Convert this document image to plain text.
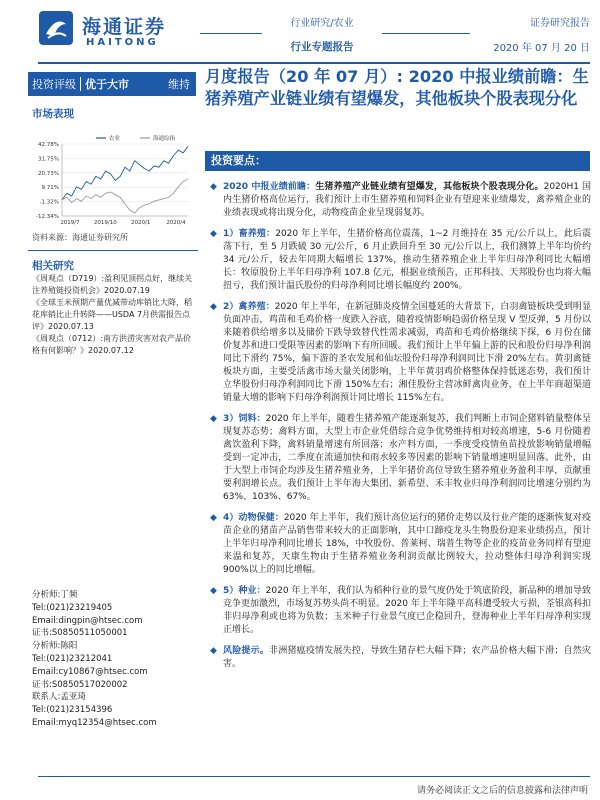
海通证券
HAITONG
行业研究/农业
行业专题报告
证券研究报告
2020 年 07 月 20 日
投资评级 优于大市	维持
市场表现
42.78%
31.75%
20.73%
9.71%
-1.32%
-12.34%
2019/7	2019/10	2020/1	2020/4
农业	海通综指
资料来源：海通证券研究所
相关研究
《周观点（D719）:盈利见顶拐点好，继续关注养殖链投资机会》2020.07.19
《全球玉米预期产量优减带动库销比大降，稻花库销比止升转降——USDA 7月供需报告点评》2020.07.13
《周观点（0712）:南方洪涝灾害对农产品价格有何影响？》2020.07.12
分析师:丁频
Tel:(021)23219405
Email:dingpin@htsec.com
证书:S0850511050001
分析师:陈阳
Tel:(021)23212041
Email:cy10867@htsec.com
证书:S0850517020002
联系人:孟亚琦
Tel:(021)23154396
Email:myq12354@htsec.com
月度报告（20 年 07 月）: 2020 中报业绩前瞻：生猪养殖产业链业绩有望爆发，其他板块个股表现分化
投资要点：
◆ 2020 中报业绩前瞻：生猪养殖产业链业绩有望爆发，其他板块个股表现分化。2020H1 国内生猪价格高位运行，我们预计上市生猪养殖和饲料企业有望迎来业绩爆发，禽养殖企业的业绩表现或将出现分化，动物疫苗企业呈现弱复苏。
◆ 1）畜养殖：2020 年上半年，生猪价格高位震荡，1~2 月维持在 35 元/公斤以上，此后震荡下行，至 5 月跌破 30 元/公斤，6 月止跌回升至 30 元/公斤以上，我们测算上半年均价约 34 元/公斤，较去年同期大幅增长 137%，推动生猪养殖企业上半年归母净利同比大幅增长：牧原股份上半年归母净利 107.8 亿元，根据业绩预告，正邦科技、天邦股份也均将大幅扭亏，我们预计温氏股份的归母净利同比增长幅度约 200%。
◆ 2）禽养殖：2020 年上半年，在新冠肺炎疫情全国蔓延的大背景下，白羽禽链板块受到明显负面冲击，鸡苗和毛鸡价格一度跌入谷底，随着疫情影响趋弱价格呈现 V 型反弹，5 月份以来随着供给增多以及储价下跌导致替代性需求减弱，鸡苗和毛鸡价格继续下探，6 月份在储价复苏和进口受限等因素的影响下有所回暖。我们预计上半年偏上游的民和股份归母净利润同比下滑约 75%，偏下游的圣农发展和仙坛股份归母净利润同比下滑 20%左右。黄羽禽链板块方面，主要受活禽市场大量关闭影响，上半年黄羽鸡价格整体保持低迷态势，我们预计立华股份归母净利润同比下滑 150%左右；湘佳股份主营冰鲜禽肉业务，在上半年商超渠道销量大增的影响下归母净利润预计同比增长 115%左右。
◆ 3）饲料：2020 年上半年，随着生猪养殖产能逐渐复苏，我们判断上市饲企猪料销量整体呈现复苏态势；禽料方面，大型上市企业凭借综合竞争优势维持相对较高增速，5-6 月份随着禽饮盈利下降，禽料销量增速有所回落；水产料方面，一季度受疫情鱼苗投放影响销量增幅受到一定冲击，二季度在流通加快和雨水较多等因素的影响下销量增速明显回落。此外，由于大型上市饲企均涉及生猪养殖业务，上半年猪价高位导致生猪养殖业务盈利丰厚，贡献重要利润增长点。我们预计上半年海大集团、新希望、禾丰牧业归母净利润同比增速分别约为 63%、103%、67%。
◆ 4）动物保健：2020 年上半年，我们预计高位运行的猪价走势以及行业产能的逐渐恢复对疫苗企业的猪苗产品销售带来较大的正面影响，其中口蹄疫龙头生物股份迎来业绩拐点，预计上半年归母净利同比增长 18%，中牧股份、普莱柯、瑞普生物等企业的疫苗业务同样有望迎来温和复苏，天康生物由于生猪养殖业务利润贡献比例较大，拉动整体归母净利润实现 900%以上的同比增幅。
◆ 5）种业：2020 年上半年，我们认为稻种行业的景气度仍处于筑底阶段，新品种的增加导致竞争更加激烈，市场复苏势头尚不明显。2020 年上半年隆平高科遭受较大亏损，荃银高科扣非归母净利或也将为负数；玉米种子行业景气度已企稳回升，登海种业上半年归母净利实现正增长。
◆ 风险提示。非洲猪瘟疫情发展失控，导致生猪存栏大幅下降；农产品价格大幅下滑；自然灾害。
请务必阅读正文之后的信息披露和法律声明
